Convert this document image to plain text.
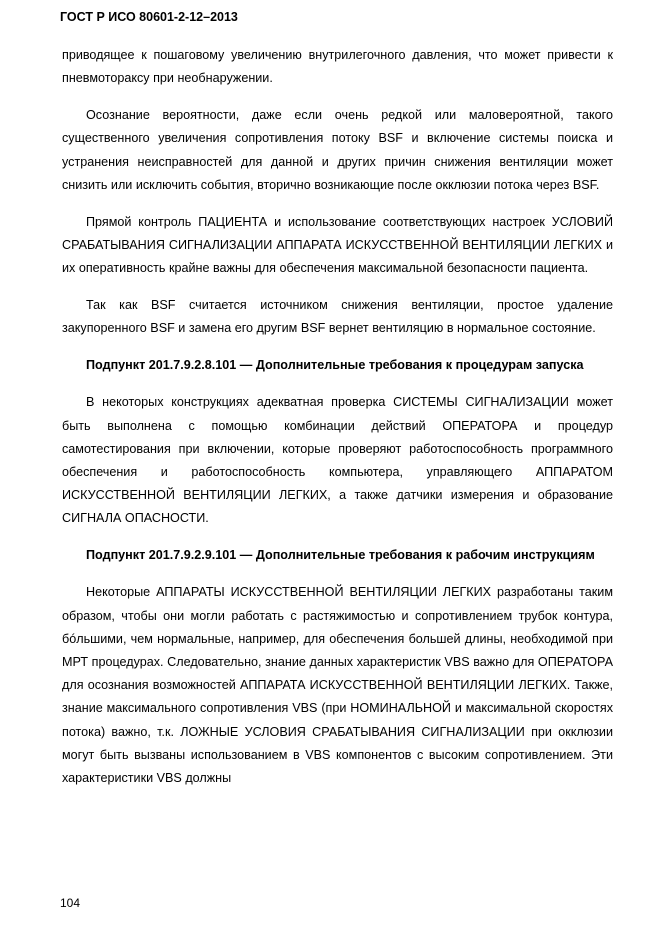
ГОСТ Р ИСО 80601-2-12–2013

приводящее к пошаговому увеличению внутрилегочного давления, что может привести к пневмотораксу при необнаружении.

Осознание вероятности, даже если очень редкой или маловероятной, такого существенного увеличения сопротивления потоку BSF и включение системы поиска и устранения неисправностей для данной и других причин снижения вентиляции может снизить или исключить события, вторично возникающие после окклюзии потока через BSF.

Прямой контроль ПАЦИЕНТА и использование соответствующих настроек УСЛОВИЙ СРАБАТЫВАНИЯ СИГНАЛИЗАЦИИ АППАРАТА ИСКУССТВЕННОЙ ВЕНТИЛЯЦИИ ЛЕГКИХ и их оперативность крайне важны для обеспечения максимальной безопасности пациента.

Так как BSF считается источником снижения вентиляции, простое удаление закупоренного BSF и замена его другим BSF вернет вентиляцию в нормальное состояние.

Подпункт 201.7.9.2.8.101 — Дополнительные требования к процедурам запуска

В некоторых конструкциях адекватная проверка СИСТЕМЫ СИГНАЛИЗАЦИИ может быть выполнена с помощью комбинации действий ОПЕРАТОРА и процедур самотестирования при включении, которые проверяют работоспособность программного обеспечения и работоспособность компьютера, управляющего АППАРАТОМ ИСКУССТВЕННОЙ ВЕНТИЛЯЦИИ ЛЕГКИХ, а также датчики измерения и образование СИГНАЛА ОПАСНОСТИ.

Подпункт 201.7.9.2.9.101 — Дополнительные требования к рабочим инструкциям

Некоторые АППАРАТЫ ИСКУССТВЕННОЙ ВЕНТИЛЯЦИИ ЛЕГКИХ разработаны таким образом, чтобы они могли работать с растяжимостью и сопротивлением трубок контура, бóльшими, чем нормальные, например, для обеспечения большей длины, необходимой при МРТ процедурах. Следовательно, знание данных характеристик VBS важно для ОПЕРАТОРА для осознания возможностей АППАРАТА ИСКУССТВЕННОЙ ВЕНТИЛЯЦИИ ЛЕГКИХ. Также, знание максимального сопротивления VBS (при НОМИНАЛЬНОЙ и максимальной скоростях потока) важно, т.к. ЛОЖНЫЕ УСЛОВИЯ СРАБАТЫВАНИЯ СИГНАЛИЗАЦИИ при окклюзии могут быть вызваны использованием в VBS компонентов с высоким сопротивлением. Эти характеристики VBS должны

104
